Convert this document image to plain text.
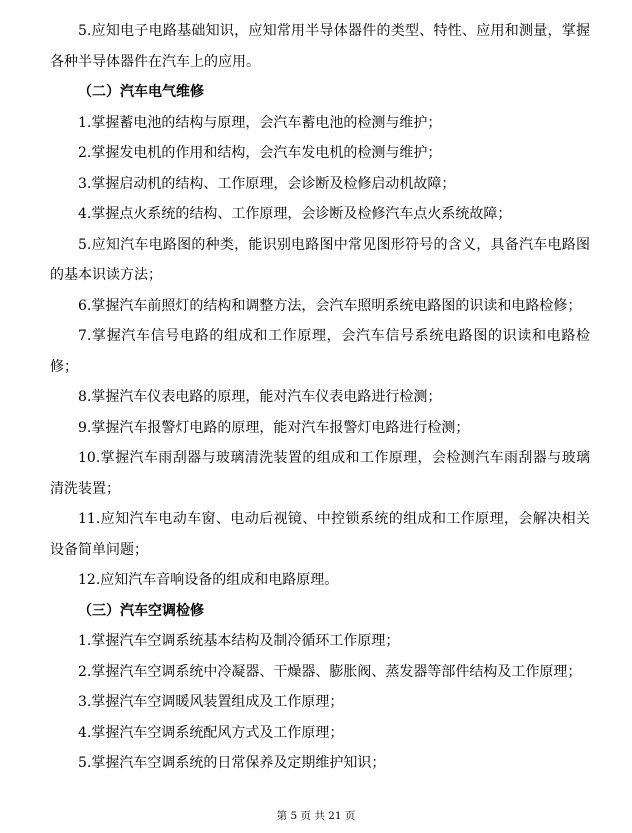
5.应知电子电路基础知识，应知常用半导体器件的类型、特性、应用和测量，掌握各种半导体器件在汽车上的应用。

（二）汽车电气维修

1.掌握蓄电池的结构与原理，会汽车蓄电池的检测与维护；

2.掌握发电机的作用和结构，会汽车发电机的检测与维护；

3.掌握启动机的结构、工作原理，会诊断及检修启动机故障；

4.掌握点火系统的结构、工作原理，会诊断及检修汽车点火系统故障；

5.应知汽车电路图的种类，能识别电路图中常见图形符号的含义，具备汽车电路图的基本识读方法；

6.掌握汽车前照灯的结构和调整方法，会汽车照明系统电路图的识读和电路检修；

7.掌握汽车信号电路的组成和工作原理，会汽车信号系统电路图的识读和电路检修；

8.掌握汽车仪表电路的原理，能对汽车仪表电路进行检测；

9.掌握汽车报警灯电路的原理，能对汽车报警灯电路进行检测；

10.掌握汽车雨刮器与玻璃清洗装置的组成和工作原理，会检测汽车雨刮器与玻璃清洗装置；

11.应知汽车电动车窗、电动后视镜、中控锁系统的组成和工作原理，会解决相关设备简单问题；

12.应知汽车音响设备的组成和电路原理。

（三）汽车空调检修

1.掌握汽车空调系统基本结构及制冷循环工作原理；

2.掌握汽车空调系统中冷凝器、干燥器、膨胀阀、蒸发器等部件结构及工作原理；

3.掌握汽车空调暖风装置组成及工作原理；

4.掌握汽车空调系统配风方式及工作原理；

5.掌握汽车空调系统的日常保养及定期维护知识；

第 5 页 共 21 页
